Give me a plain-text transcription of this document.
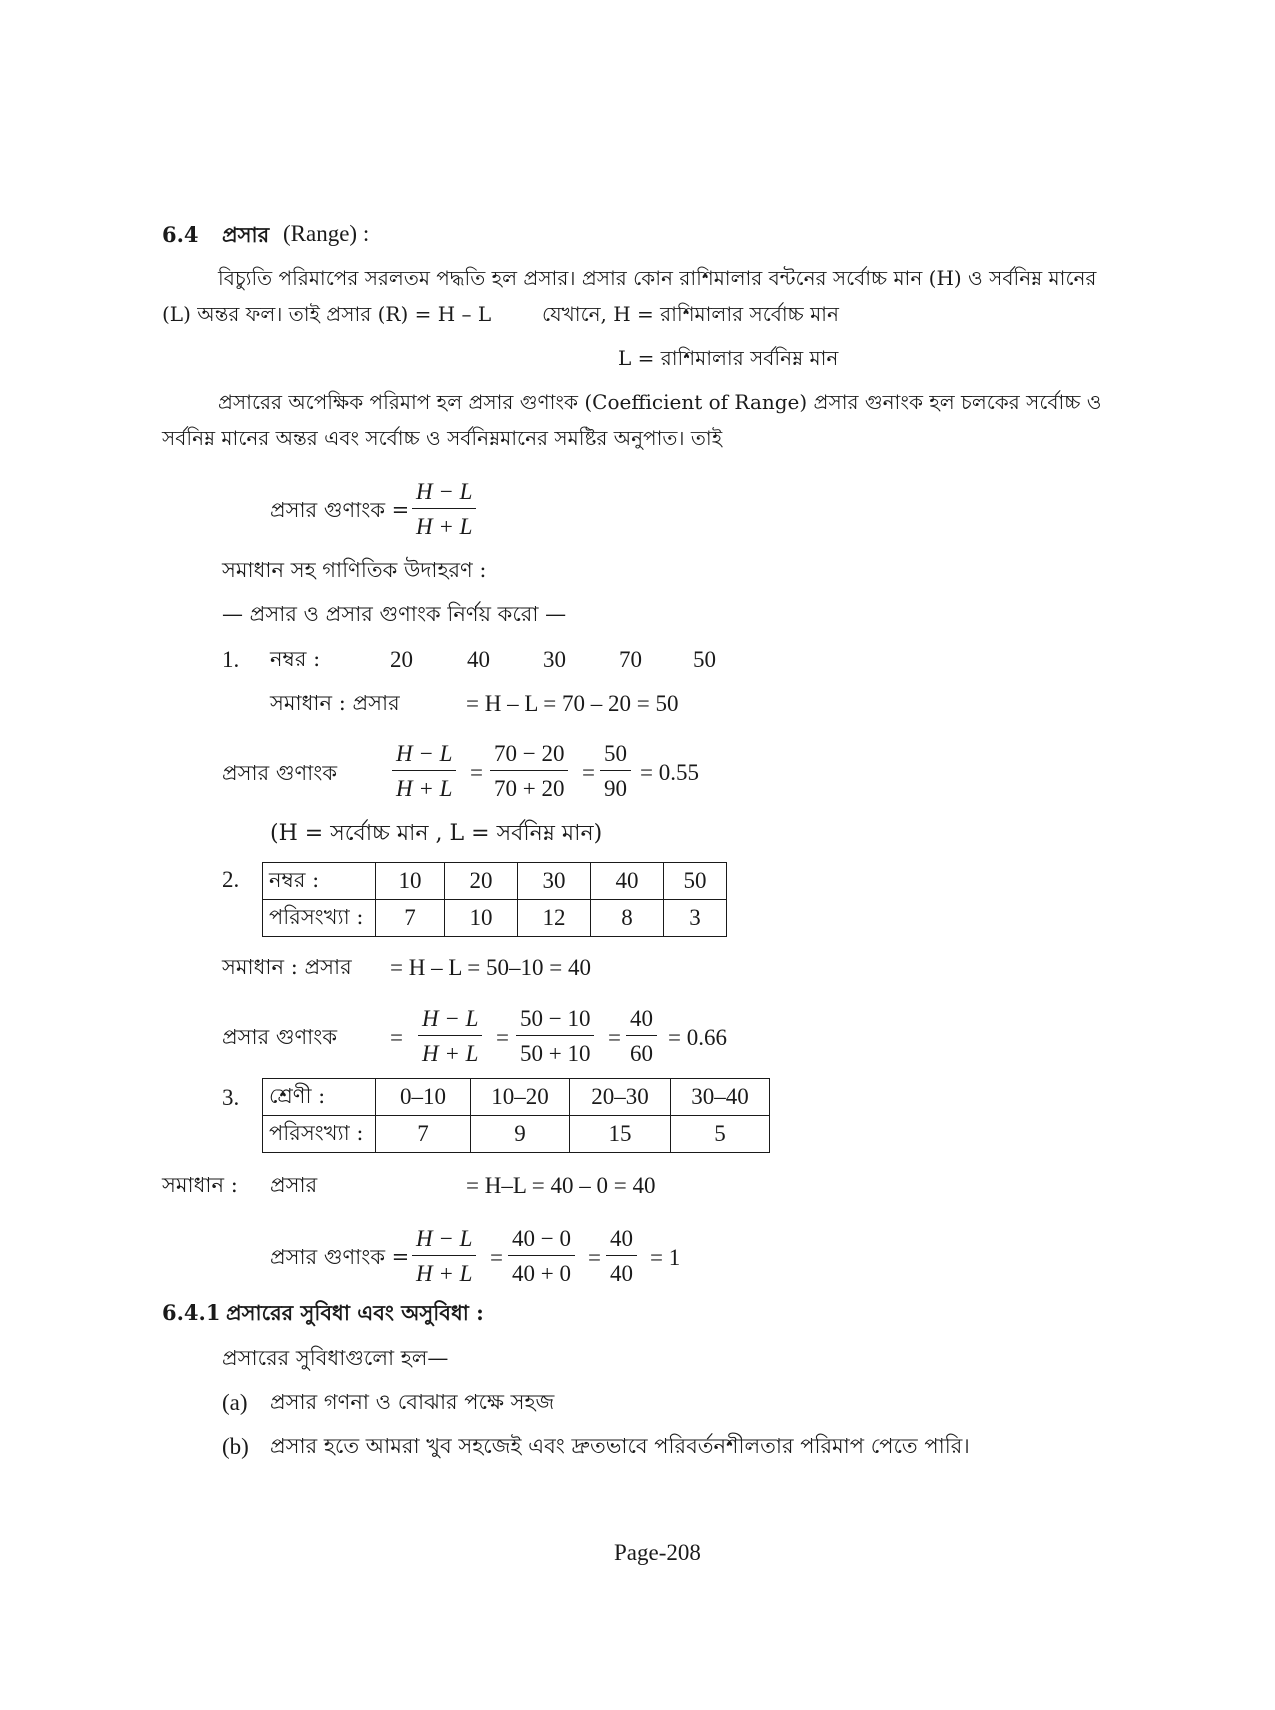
6.4 প্রসার (Range) :
বিচ্যুতি পরিমাপের সরলতম পদ্ধতি হল প্রসার। প্রসার কোন রাশিমালার বন্টনের সর্বোচ্চ মান (H) ও সর্বনিম্ন মানের
(L) অন্তর ফল। তাই প্রসার (R) = H – L	যেখানে, H = রাশিমালার সর্বোচ্চ মান
L = রাশিমালার সর্বনিম্ন মান
প্রসারের অপেক্ষিক পরিমাপ হল প্রসার গুণাংক (Coefficient of Range) প্রসার গুনাংক হল চলকের সর্বোচ্চ ও
সর্বনিম্ন মানের অন্তর এবং সর্বোচ্চ ও সর্বনিম্নমানের সমষ্টির অনুপাত। তাই
প্রসার গুণাংক = $\frac{H - L}{H + L}$
সমাধান সহ গাণিতিক উদাহরণ :
— প্রসার ও প্রসার গুণাংক নির্ণয় করো —
1. নম্বর :	20 40 30 70 50
সমাধান : প্রসার	= H – L = 70 – 20 = 50
প্রসার গুণাংক $\frac{H - L}{H + L} = \frac{70 - 20}{70 + 20} = \frac{50}{90} = 0.55$
(H = সর্বোচ্চ মান , L = সর্বনিম্ন মান)
2. নম্বর :	10	20	30	40	50
পরিসংখ্যা :	7	10	12	8	3
সমাধান : প্রসার = H – L = 50–10 = 40
প্রসার গুণাংক = $\frac{H - L}{H + L} = \frac{50 - 10}{50 + 10} = \frac{40}{60} = 0.66$
3. শ্রেণী :	0–10	10–20	20–30	30–40
পরিসংখ্যা :	7	9	15	5
সমাধান : প্রসার	= H–L = 40 – 0 = 40
প্রসার গুণাংক = $\frac{H - L}{H + L} = \frac{40 - 0}{40 + 0} = \frac{40}{40} = 1$
6.4.1 প্রসারের সুবিধা এবং অসুবিধা :
প্রসারের সুবিধাগুলো হল—
(a) প্রসার গণনা ও বোঝার পক্ষে সহজ
(b) প্রসার হতে আমরা খুব সহজেই এবং দ্রুতভাবে পরিবর্তনশীলতার পরিমাপ পেতে পারি।
Page-208
